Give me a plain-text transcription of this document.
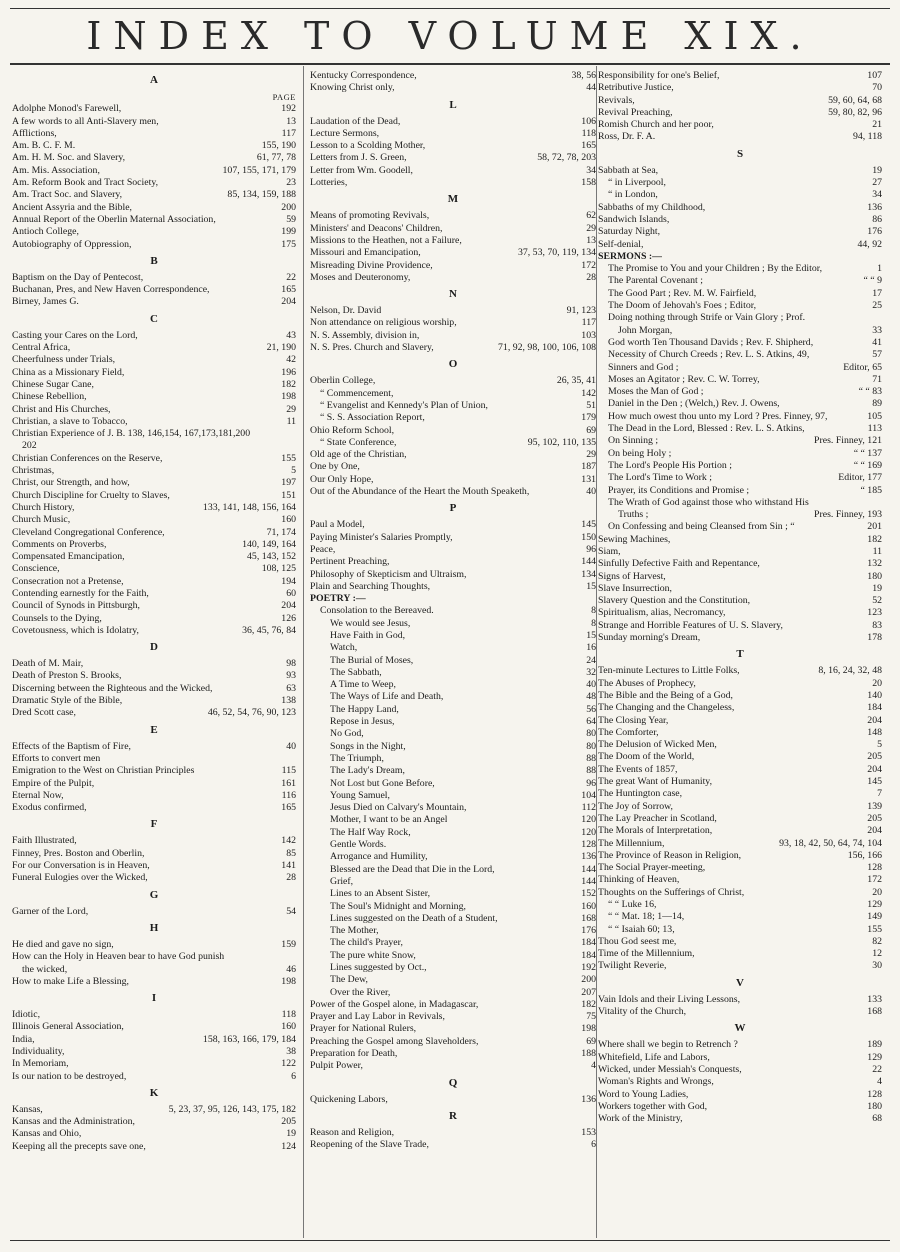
INDEX TO VOLUME XIX.
A
PAGE
Adolphe Monod's Farewell,	192
A few words to all Anti-Slavery men,	13
Afflictions,	117
Am. B. C. F. M.	155, 190
Am. H. M. Soc. and Slavery,	61, 77, 78
Am. Mis. Association,	107, 155, 171, 179
Am. Reform Book and Tract Society,	23
Am. Tract Soc. and Slavery,	85, 134, 159, 188
Ancient Assyria and the Bible,	200
Annual Report of the Oberlin Maternal Association,	59
Antioch College,	199
Autobiography of Oppression,	175
B
Baptism on the Day of Pentecost,	22
Buchanan, Pres, and New Haven Correspondence,	165
Birney, James G.	204
C
Casting your Cares on the Lord,	43
Central Africa,	21, 190
Cheerfulness under Trials,	42
China as a Missionary Field,	196
Chinese Sugar Cane,	182
Chinese Rebellion,	198
Christ and His Churches,	29
Christian, a slave to Tobacco,	11
Christian Experience of J. B. 138, 146,154, 167,173,181,200
202
Christian Conferences on the Reserve,	155
Christmas,	5
Christ, our Strength, and how,	197
Church Discipline for Cruelty to Slaves,	151
Church History,	133, 141, 148, 156, 164
Church Music,	160
Cleveland Congregational Conference,	71, 174
Comments on Proverbs,	140, 149, 164
Compensated Emancipation,	45, 143, 152
Conscience,	108, 125
Consecration not a Pretense,	194
Contending earnestly for the Faith,	60
Council of Synods in Pittsburgh,	204
Counsels to the Dying,	126
Covetousness, which is Idolatry,	36, 45, 76, 84
D
Death of M. Mair,	98
Death of Preston S. Brooks,	93
Discerning between the Righteous and the Wicked,	63
Dramatic Style of the Bible,	138
Dred Scott case,	46, 52, 54, 76, 90, 123
E
Effects of the Baptism of Fire,	40
Efforts to convert men
Emigration to the West on Christian Principles	115
Empire of the Pulpit,	161
Eternal Now,	116
Exodus confirmed,	165
F
Faith Illustrated,	142
Finney, Pres. Boston and Oberlin,	85
For our Conversation is in Heaven,	141
Funeral Eulogies over the Wicked,	28
G
Garner of the Lord,	54
H
He died and gave no sign,	159
How can the Holy in Heaven bear to have God punish
the wicked,	46
How to make Life a Blessing,	198
I
Idiotic,	118
Illinois General Association,	160
India,	158, 163, 166, 179, 184
Individuality,	38
In Memoriam,	122
Is our nation to be destroyed,	6
K
Kansas,	5, 23, 37, 95, 126, 143, 175, 182
Kansas and the Administration,	205
Kansas and Ohio,	19
Keeping all the precepts save one,	124
Kentucky Correspondence,	38, 56
Knowing Christ only,	44
L
Laudation of the Dead,	106
Lecture Sermons,	118
Lesson to a Scolding Mother,	165
Letters from J. S. Green,	58, 72, 78, 203
Letter from Wm. Goodell,	34
Lotteries,	158
M
Means of promoting Revivals,	62
Ministers' and Deacons' Children,	29
Missions to the Heathen, not a Failure,	13
Missouri and Emancipation,	37, 53, 70, 119, 134
Misreading Divine Providence,	172
Moses and Deuteronomy,	28
N
Nelson, Dr. David	91, 123
Non attendance on religious worship,	117
N. S. Assembly, division in,	103
N. S. Pres. Church and Slavery,	71, 92, 98, 100, 106, 108
O
Oberlin College,	26, 35, 41
“ Commencement,	142
“ Evangelist and Kennedy's Plan of Union,	51
“ S. S. Association Report,	179
Ohio Reform School,	69
“ State Conference,	95, 102, 110, 135
Old age of the Christian,	29
One by One,	187
Our Only Hope,	131
Out of the Abundance of the Heart the Mouth Speaketh,	40
P
Paul a Model,	145
Paying Minister's Salaries Promptly,	150
Peace,	96
Pertinent Preaching,	144
Philosophy of Skepticism and Ultraism,	134
Plain and Searching Thoughts,	15
POETRY :—
Consolation to the Bereaved.	8
We would see Jesus,	8
Have Faith in God,	15
Watch,	16
The Burial of Moses,	24
The Sabbath,	32
A Time to Weep,	40
The Ways of Life and Death,	48
The Happy Land,	56
Repose in Jesus,	64
No God,	80
Songs in the Night,	80
The Triumph,	88
The Lady's Dream,	88
Not Lost but Gone Before,	96
Young Samuel,	104
Jesus Died on Calvary's Mountain,	112
Mother, I want to be an Angel	120
The Half Way Rock,	120
Gentle Words.	128
Arrogance and Humility,	136
Blessed are the Dead that Die in the Lord,	144
Grief,	144
Lines to an Absent Sister,	152
The Soul's Midnight and Morning,	160
Lines suggested on the Death of a Student,	168
The Mother,	176
The child's Prayer,	184
The pure white Snow,	184
Lines suggested by Oct.,	192
The Dew,	200
Over the River,	207
Power of the Gospel alone, in Madagascar,	182
Prayer and Lay Labor in Revivals,	75
Prayer for National Rulers,	198
Preaching the Gospel among Slaveholders,	69
Preparation for Death,	188
Pulpit Power,	4
Q
Quickening Labors,	136
R
Reason and Religion,	153
Reopening of the Slave Trade,	6
Responsibility for one's Belief,	107
Retributive Justice,	70
Revivals,	59, 60, 64, 68
Revival Preaching,	59, 80, 82, 96
Romish Church and her poor,	21
Ross, Dr. F. A.	94, 118
S
Sabbath at Sea,	19
“ in Liverpool,	27
“ in London,	34
Sabbaths of my Childhood,	136
Sandwich Islands,	86
Saturday Night,	176
Self-denial,	44, 92
SERMONS :—
The Promise to You and your Children ; By the Editor,	1
The Parental Covenant ;	“ “ 9
The Good Part ; Rev. M. W. Fairfield,	17
The Doom of Jehovah's Foes ; Editor,	25
Doing nothing through Strife or Vain Glory ; Prof.
John Morgan,	33
God worth Ten Thousand Davids ; Rev. F. Shipherd,	41
Necessity of Church Creeds ; Rev. L. S. Atkins, 49,	57
Sinners and God ;	Editor, 65
Moses an Agitator ; Rev. C. W. Torrey,	71
Moses the Man of God ;	“ “ 83
Daniel in the Den ; (Welch,) Rev. J. Owens,	89
How much owest thou unto my Lord ? Pres. Finney, 97,	105
The Dead in the Lord, Blessed : Rev. L. S. Atkins,	113
On Sinning ;	Pres. Finney, 121
On being Holy ;	“ “ 137
The Lord's People His Portion ;	“ “ 169
The Lord's Time to Work ;	Editor, 177
Prayer, its Conditions and Promise ;	“ 185
The Wrath of God against those who withstand His
Truths ;	Pres. Finney, 193
On Confessing and being Cleansed from Sin ; “	201
Sewing Machines,	182
Siam,	11
Sinfully Defective Faith and Repentance,	132
Signs of Harvest,	180
Slave Insurrection,	19
Slavery Question and the Constitution,	52
Spiritualism, alias, Necromancy,	123
Strange and Horrible Features of U. S. Slavery,	83
Sunday morning's Dream,	178
T
Ten-minute Lectures to Little Folks,	8, 16, 24, 32, 48
The Abuses of Prophecy,	20
The Bible and the Being of a God,	140
The Changing and the Changeless,	184
The Closing Year,	204
The Comforter,	148
The Delusion of Wicked Men,	5
The Doom of the World,	205
The Events of 1857,	204
The great Want of Humanity,	145
The Huntington case,	7
The Joy of Sorrow,	139
The Lay Preacher in Scotland,	205
The Morals of Interpretation,	204
The Millennium,	93, 18, 42, 50, 64, 74, 104
The Province of Reason in Religion,	156, 166
The Social Prayer-meeting,	128
Thinking of Heaven,	172
Thoughts on the Sufferings of Christ,	20
“ “ Luke 16,	129
“ “ Mat. 18; 1—14,	149
“ “ Isaiah 60; 13,	155
Thou God seest me,	82
Time of the Millennium,	12
Twilight Reverie,	30
V
Vain Idols and their Living Lessons,	133
Vitality of the Church,	168
W
Where shall we begin to Retrench ?	189
Whitefield, Life and Labors,	129
Wicked, under Messiah's Conquests,	22
Woman's Rights and Wrongs,	4
Word to Young Ladies,	128
Workers together with God,	180
Work of the Ministry,	68
